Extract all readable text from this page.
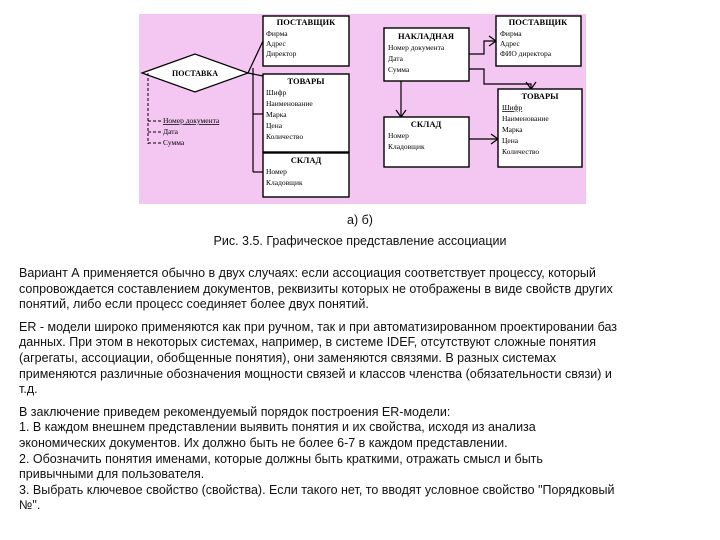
ПОСТАВЩИК
Фирма
Адрес
Директор
ПОСТАВКА
Номер документа
Дата
Сумма
ТОВАРЫ
Шифр
Наименование
Марка
Цена
Количество
СКЛАД
Номер
Кладовщик
НАКЛАДНАЯ
Номер документа
Дата
Сумма
ПОСТАВЩИК
Фирма
Адрес
ФИО директора
СКЛАД
Номер
Кладовщик
ТОВАРЫ
Шифр
Наименование
Марка
Цена
Количество
а) б)
Рис. 3.5. Графическое представление ассоциации

Вариант А применяется обычно в двух случаях: если ассоциация соответствует процессу, который
сопровождается составлением документов, реквизиты которых не отображены в виде свойств других
понятий, либо если процесс соединяет более двух понятий.

ER - модели широко применяются как при ручном, так и при автоматизированном проектировании баз
данных. При этом в некоторых системах, например, в системе IDEF, отсутствуют сложные понятия
(агрегаты, ассоциации, обобщенные понятия), они заменяются связями. В разных системах
применяются различные обозначения мощности связей и классов членства (обязательности связи) и
т.д.

В заключение приведем рекомендуемый порядок построения ER-модели:
1. В каждом внешнем представлении выявить понятия и их свойства, исходя из анализа
экономических документов. Их должно быть не более 6-7 в каждом представлении.
2. Обозначить понятия именами, которые должны быть краткими, отражать смысл и быть
привычными для пользователя.
3. Выбрать ключевое свойство (свойства). Если такого нет, то вводят условное свойство "Порядковый
№".
